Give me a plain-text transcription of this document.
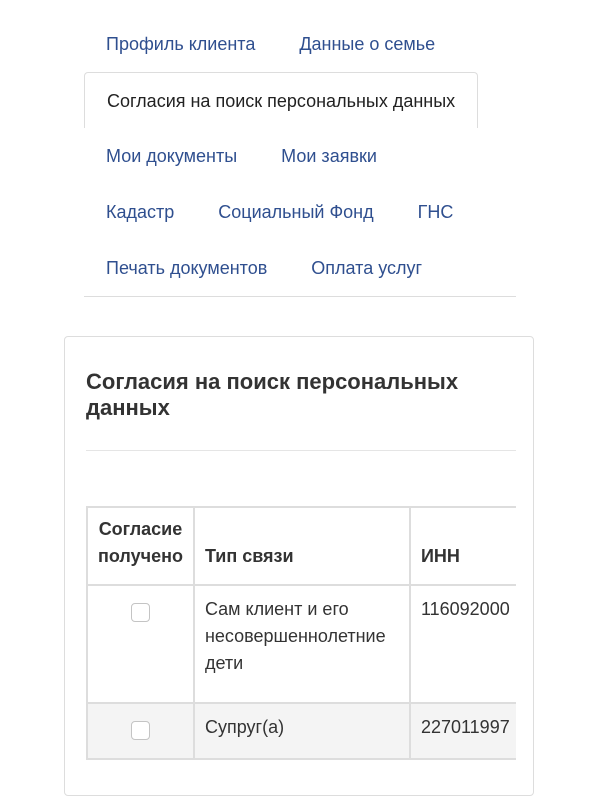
Профиль клиента	Данные о семье
Согласия на поиск персональных данных
Мои документы	Мои заявки
Кадастр	Социальный Фонд	ГНС
Печать документов	Оплата услуг
Согласия на поиск персональных данных
Согласие получено	Тип связи	ИНН
	Сам клиент и его несовершеннолетние дети	116092000
	Супруг(а)	227011997
